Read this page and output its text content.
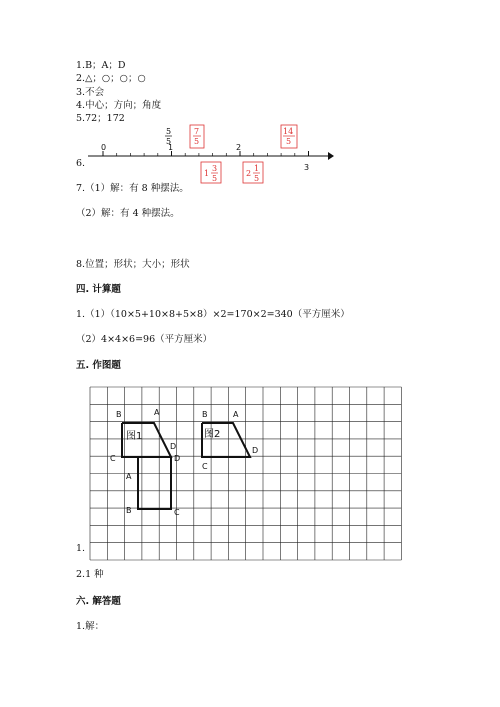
1.B；A；D
2.△；○；○；○
3.不会
4.中心；方向；角度
5.72；172
6.
0	1	2
3
5
5
7
5
14
5
1
3
5
2
1
5
7.（1）解：有 8 种摆法。
（2）解：有 4 种摆法。
8.位置；形状；大小；形状
四. 计算题
1.（1）（10×5+10×8+5×8）×2=170×2=340（平方厘米）
（2）4×4×6=96（平方厘米）
五. 作图题
图1
B	A
C
D
D
A
B	C
图2
B	A
C
D
1.
2.1 种
六. 解答题
1.解：
